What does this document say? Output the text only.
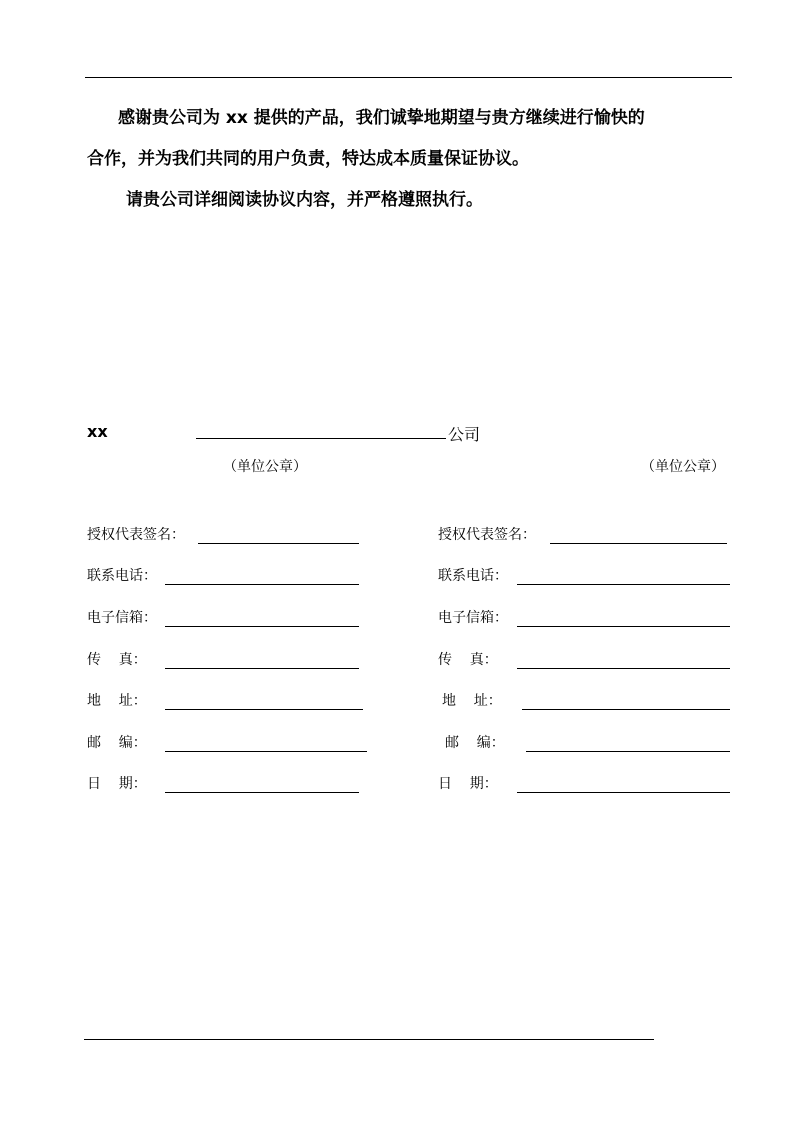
感谢贵公司为 xx 提供的产品，我们诚挚地期望与贵方继续进行愉快的
合作，并为我们共同的用户负责，特达成本质量保证协议。
请贵公司详细阅读协议内容，并严格遵照执行。
xx	公司
（单位公章）	（单位公章）
授权代表签名：
联系电话：
电子信箱：
传    真：
地    址：
邮    编：
日    期：
授权代表签名：
联系电话：
电子信箱：
传    真：
地    址：
邮    编：
日    期：
